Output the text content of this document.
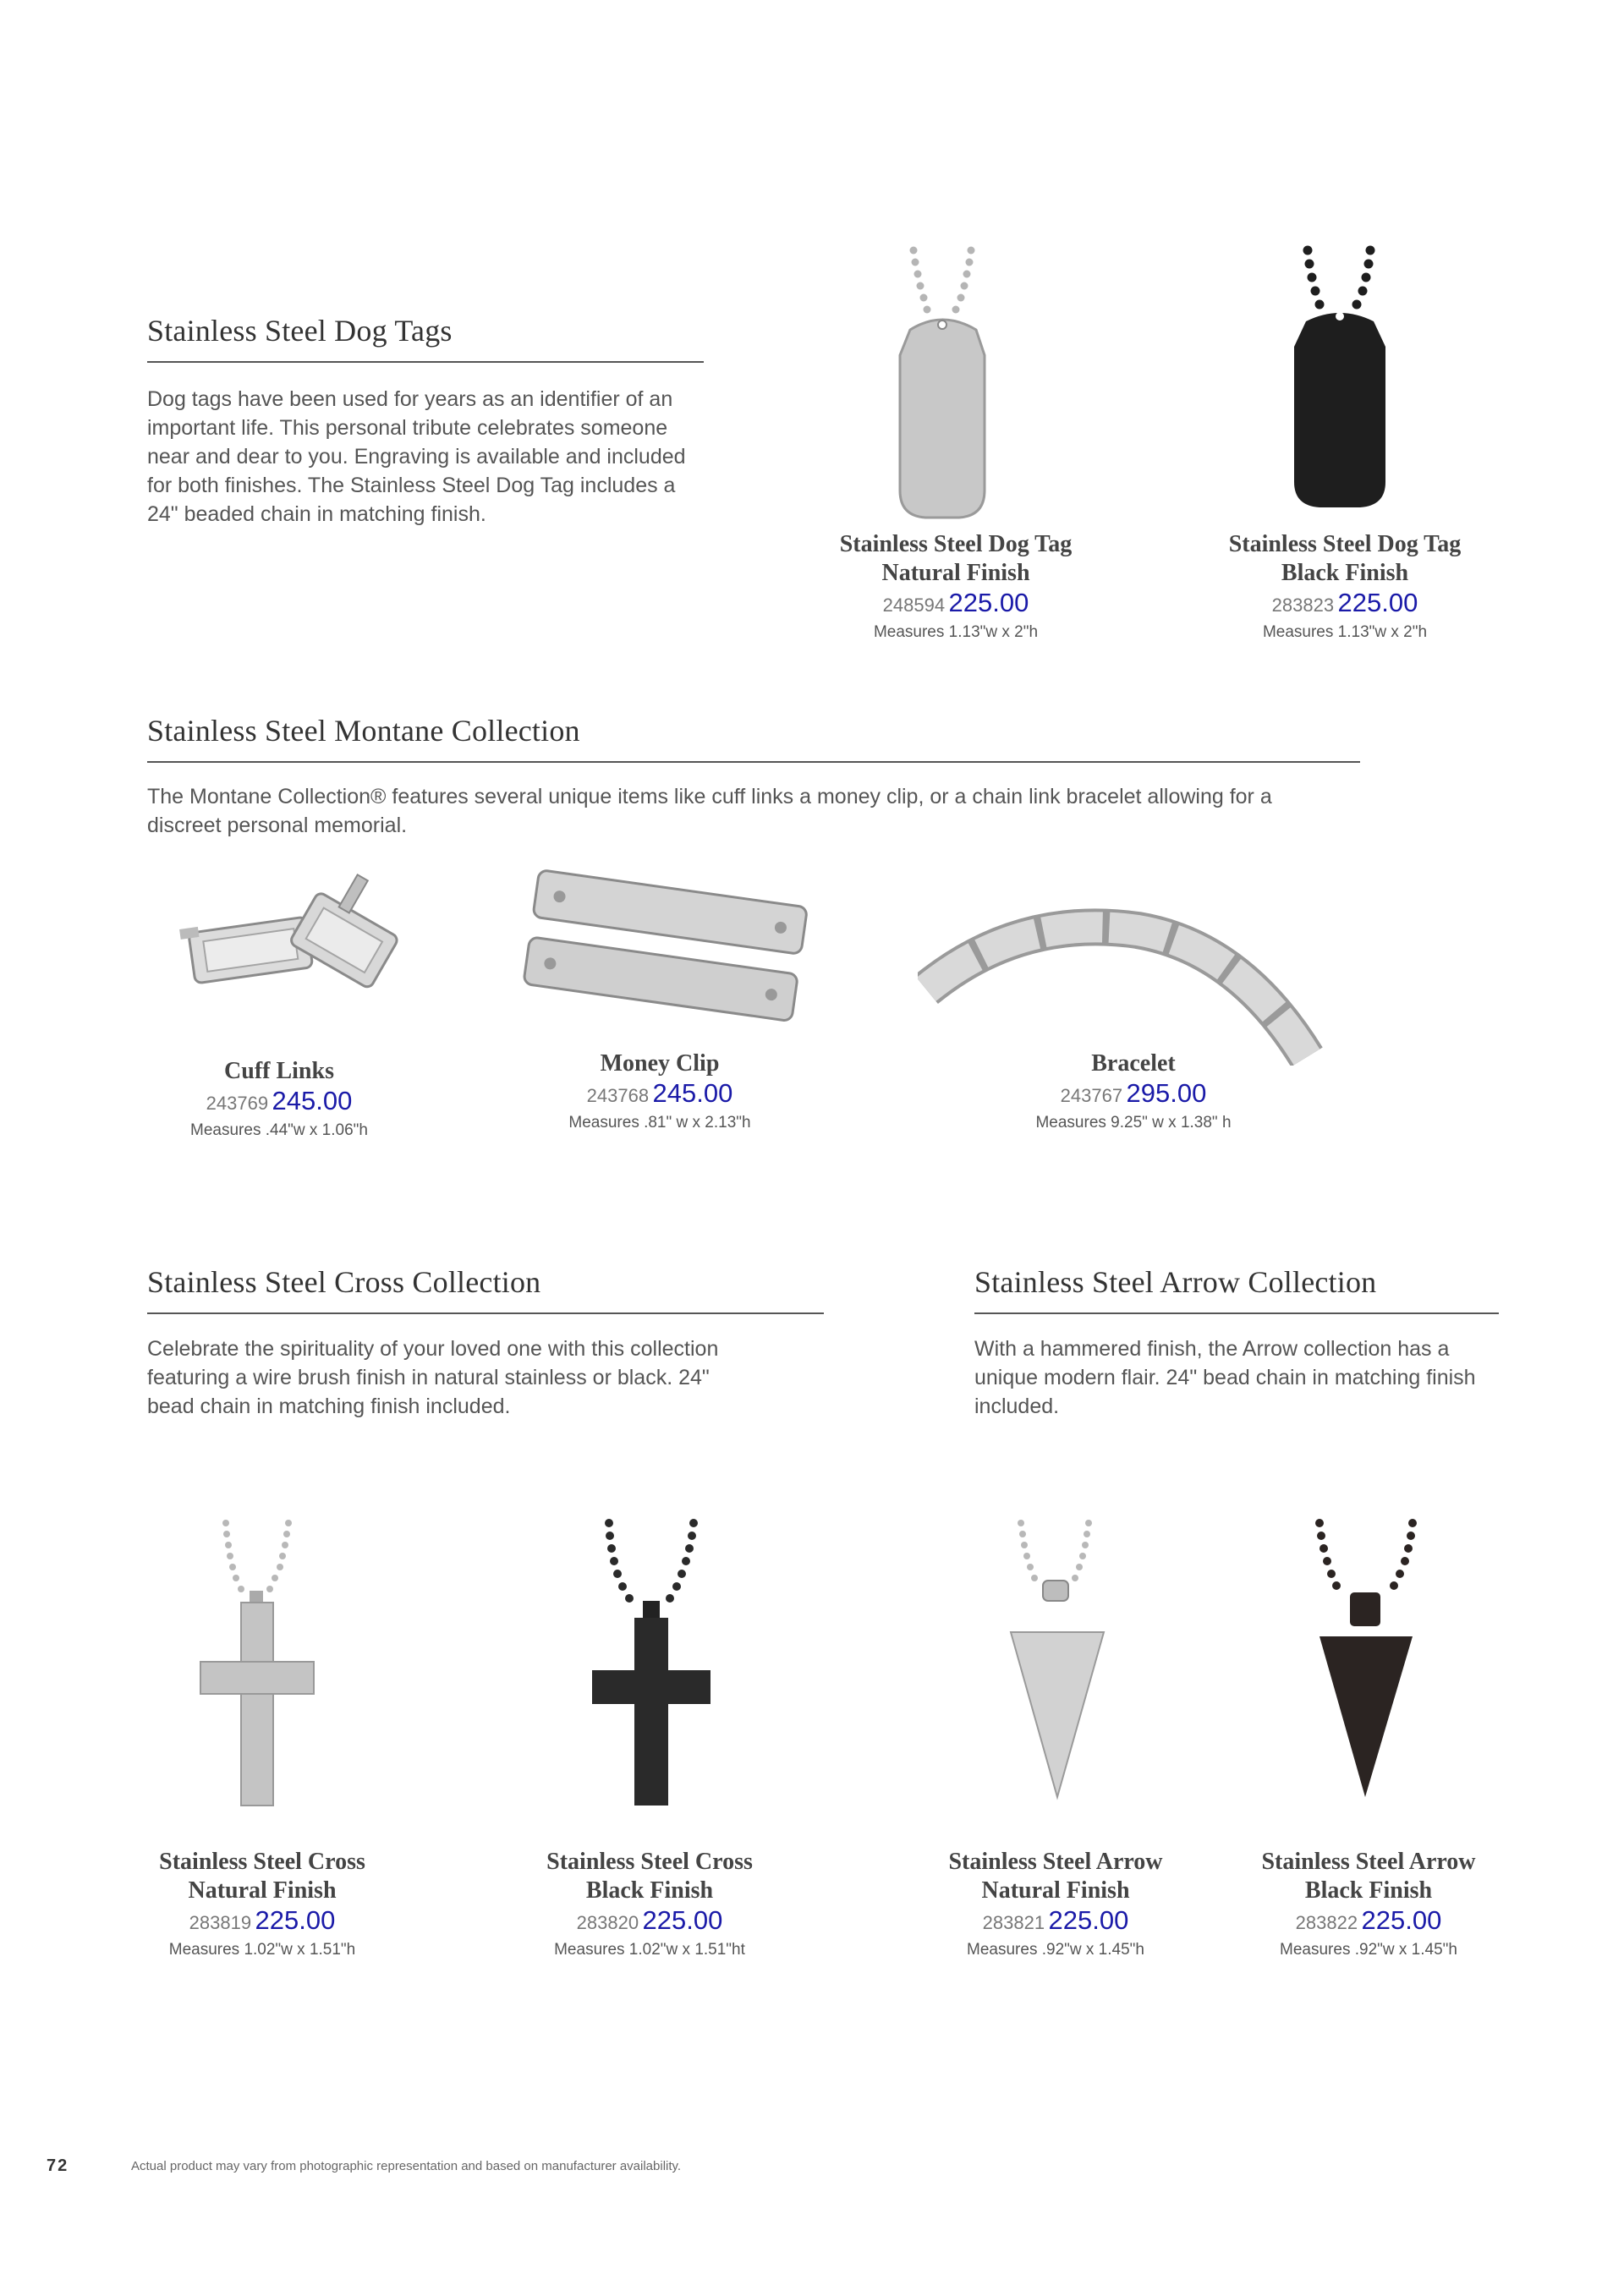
Stainless Steel Dog Tags
Dog tags have been used for years as an identifier of an important life. This personal tribute celebrates someone near and dear to you. Engraving is available and included for both finishes. The Stainless Steel Dog Tag includes a 24" beaded chain in matching finish.
Stainless Steel Dog Tag
Natural Finish
248594 225.00
Measures 1.13"w x 2"h
Stainless Steel Dog Tag
Black Finish
283823 225.00
Measures 1.13"w x 2"h
Stainless Steel Montane Collection
The Montane Collection® features several unique items like cuff links a money clip, or a chain link bracelet allowing for a discreet personal memorial.
Cuff Links
243769 245.00
Measures .44"w x 1.06"h
Money Clip
243768 245.00
Measures .81" w x 2.13"h
Bracelet
243767 295.00
Measures 9.25" w x 1.38" h
Stainless Steel Cross Collection
Celebrate the spirituality of your loved one with this collection featuring a wire brush finish in natural stainless or black. 24" bead chain in matching finish included.
Stainless Steel Arrow Collection
With a hammered finish, the Arrow collection has a unique modern flair. 24" bead chain in matching finish included.
Stainless Steel Cross
Natural Finish
283819 225.00
Measures 1.02"w x 1.51"h
Stainless Steel Cross
Black Finish
283820 225.00
Measures 1.02"w x 1.51"ht
Stainless Steel Arrow
Natural Finish
283821 225.00
Measures .92"w x 1.45"h
Stainless Steel Arrow
Black Finish
283822 225.00
Measures .92"w x 1.45"h
72	Actual product may vary from photographic representation and based on manufacturer availability.
